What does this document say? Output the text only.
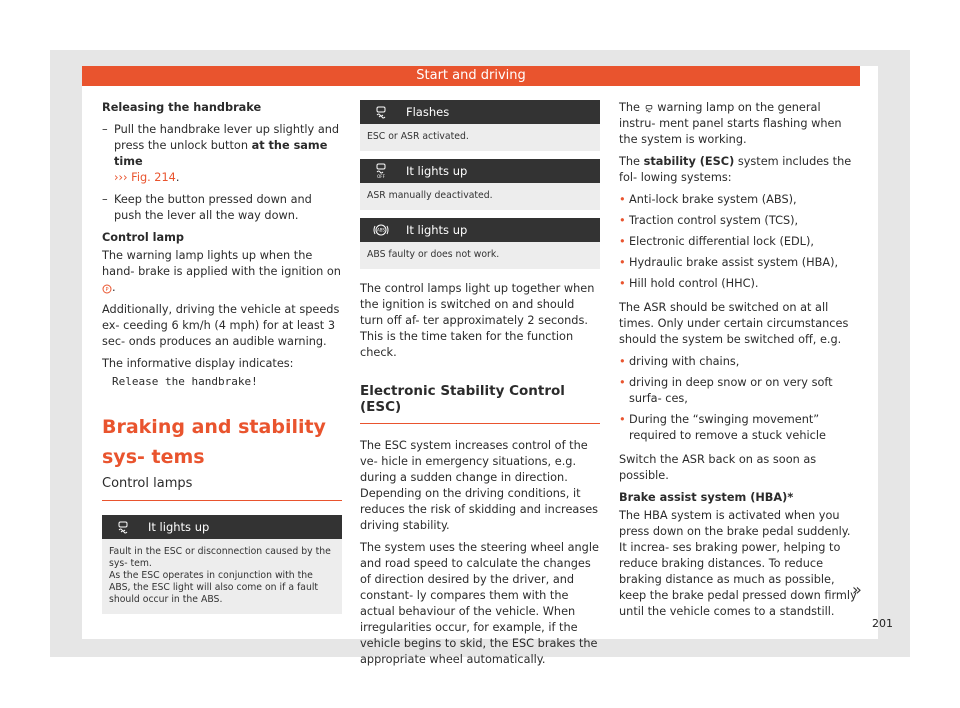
Start and driving

Releasing the handbrake

– Pull the handbrake lever up slightly and press the unlock button at the same time
››› Fig. 214.
– Keep the button pressed down and push the lever all the way down.

Control lamp

The warning lamp lights up when the hand- brake is applied with the ignition on
P .

Additionally, driving the vehicle at speeds ex- ceeding 6 km/h (4 mph) for at least 3 sec- onds produces an audible warning.

The informative display indicates:

Release the handbrake!
Braking and stability sys- tems
Control lamps
It lights up
Fault in the ESC or disconnection caused by the sys- tem.
As the ESC operates in conjunction with the ABS, the ESC light will also come on if a fault should occur in the ABS.
Flashes
ESC or ASR activated.
OFF It lights up
ASR manually deactivated.
ABS It lights up
ABS faulty or does not work.

The control lamps light up together when the ignition is switched on and should turn off af- ter approximately 2 seconds. This is the time taken for the function check.

Electronic Stability Control (ESC)

The ESC system increases control of the ve- hicle in emergency situations, e.g. during a sudden change in direction. Depending on the driving conditions, it reduces the risk of skidding and increases driving stability.

The system uses the steering wheel angle and road speed to calculate the changes of direction desired by the driver, and constant- ly compares them with the actual behaviour of the vehicle. When irregularities occur, for example, if the vehicle begins to skid, the ESC brakes the appropriate wheel automatically.

The warning lamp on the general instru- ment panel starts flashing when the system is working.

The stability (ESC) system includes the fol- lowing systems:

• Anti-lock brake system (ABS),
• Traction control system (TCS),
• Electronic differential lock (EDL),
• Hydraulic brake assist system (HBA),
• Hill hold control (HHC).

The ASR should be switched on at all times. Only under certain circumstances should the system be switched off, e.g.

• driving with chains,
• driving in deep snow or on very soft surfa- ces,
• During the “swinging movement” required to remove a stuck vehicle

Switch the ASR back on as soon as possible.

Brake assist system (HBA)*

The HBA system is activated when you press down on the brake pedal suddenly. It increa- ses braking power, helping to reduce braking distances. To reduce braking distance as much as possible, keep the brake pedal pressed down firmly until the vehicle comes to a standstill.

»
201
